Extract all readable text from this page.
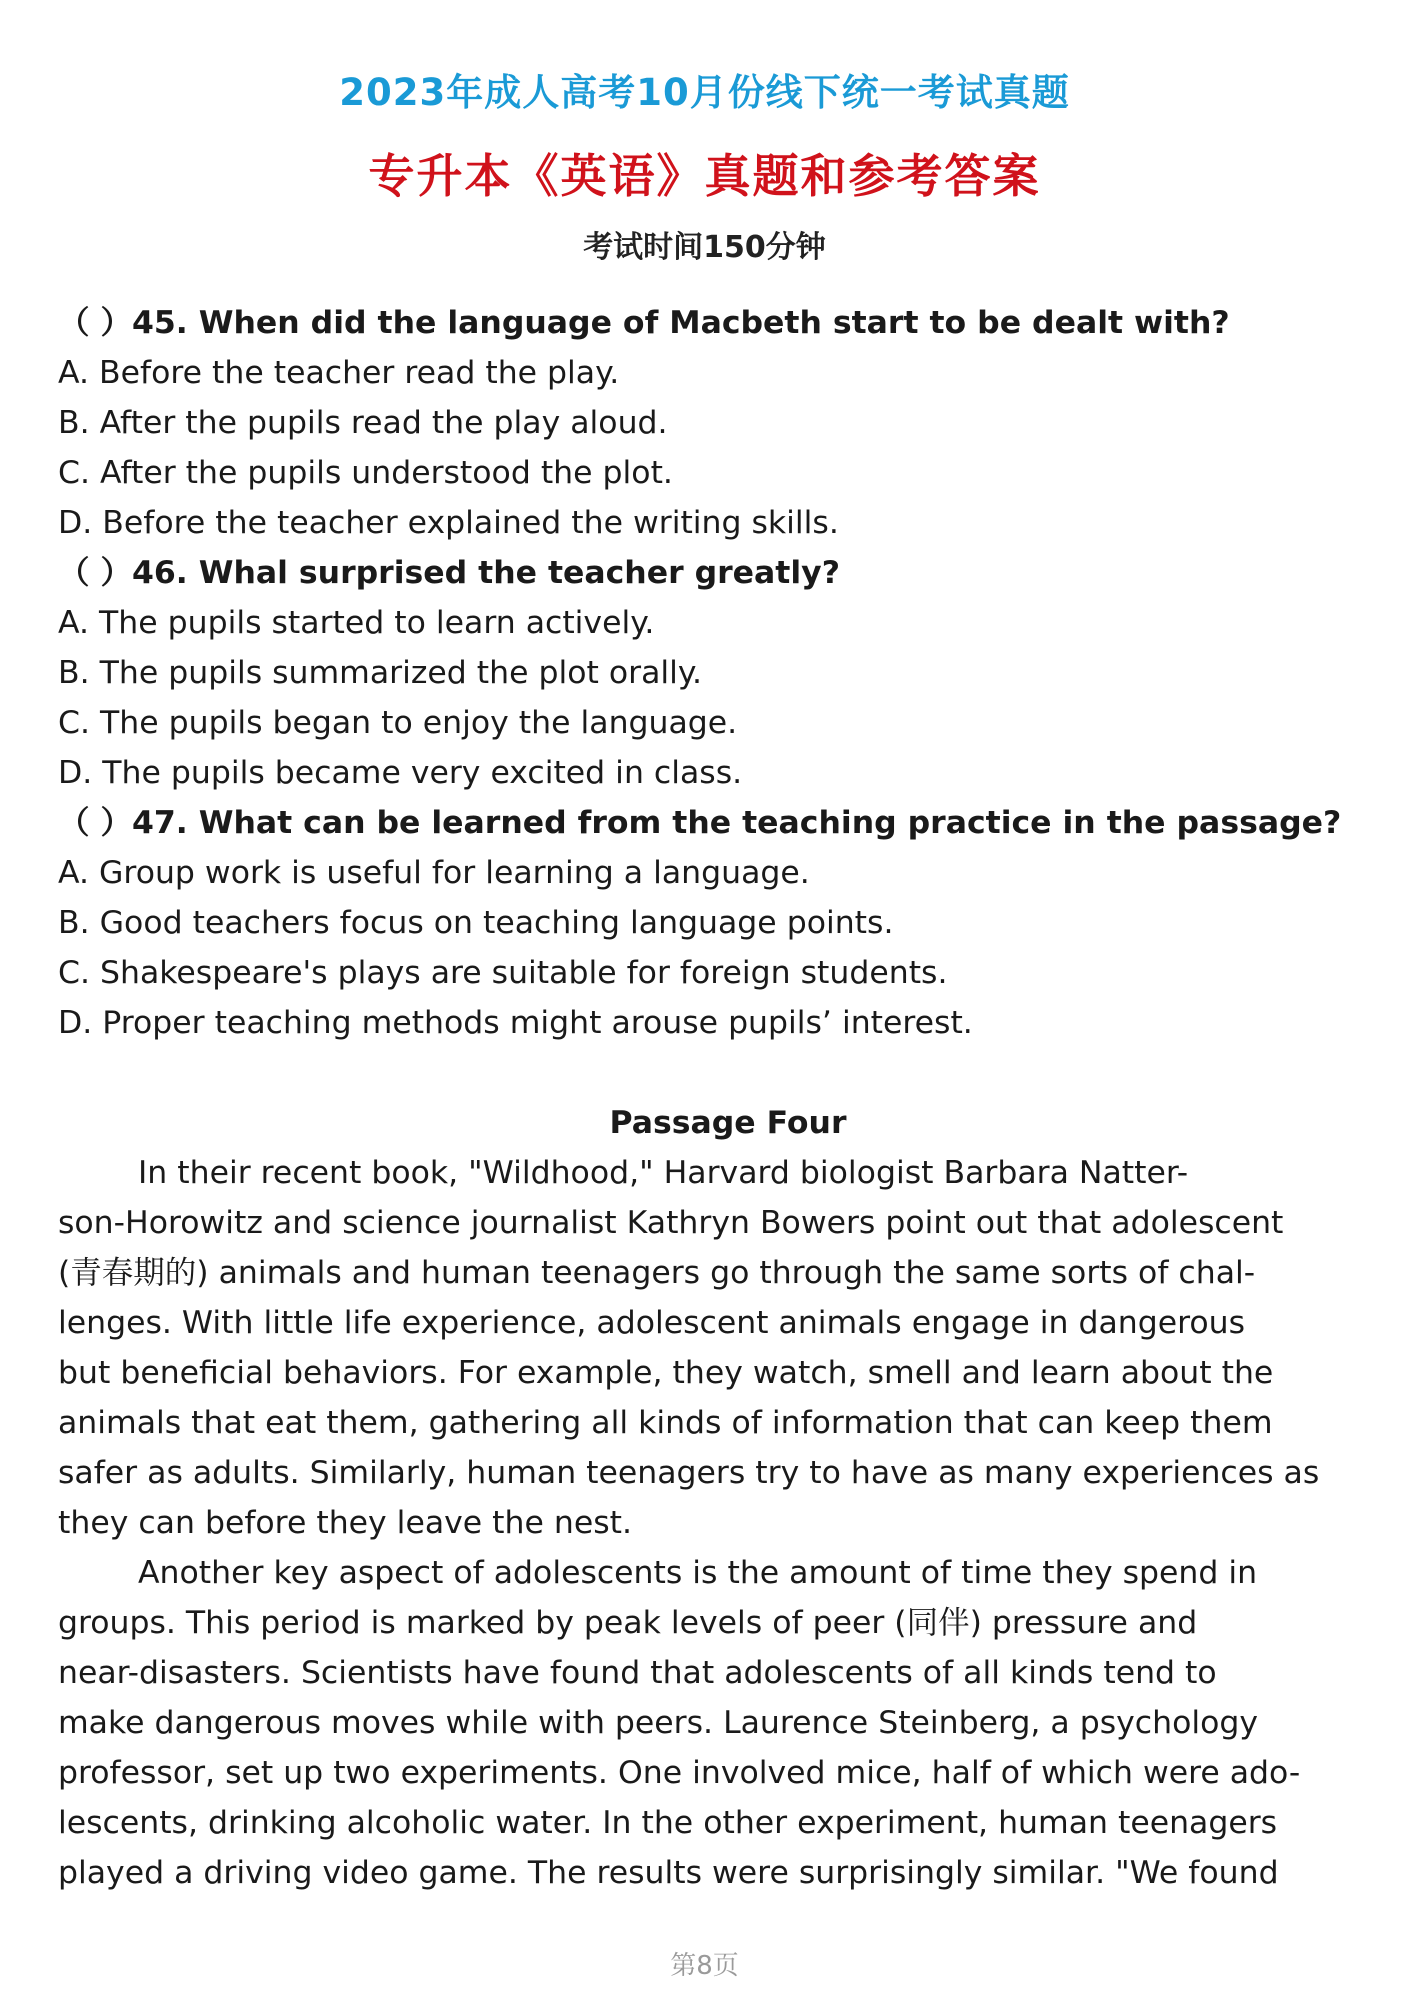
2023年成人高考10月份线下统一考试真题
专升本《英语》真题和参考答案
考试时间150分钟
（ ）45. When did the language of Macbeth start to be dealt with?
A. Before the teacher read the play.
B. After the pupils read the play aloud.
C. After the pupils understood the plot.
D. Before the teacher explained the writing skills.
（ ）46. Whal surprised the teacher greatly?
A. The pupils started to learn actively.
B. The pupils summarized the plot orally.
C. The pupils began to enjoy the language.
D. The pupils became very excited in class.
（ ）47. What can be learned from the teaching practice in the passage?
A. Group work is useful for learning a language.
B. Good teachers focus on teaching language points.
C. Shakespeare's plays are suitable for foreign students.
D. Proper teaching methods might arouse pupils’ interest.
Passage Four
In their recent book, "Wildhood," Harvard biologist Barbara Natter-
son-Horowitz and science journalist Kathryn Bowers point out that adolescent
(青春期的) animals and human teenagers go through the same sorts of chal-
lenges. With little life experience, adolescent animals engage in dangerous
but beneficial behaviors. For example, they watch, smell and learn about the
animals that eat them, gathering all kinds of information that can keep them
safer as adults. Similarly, human teenagers try to have as many experiences as
they can before they leave the nest.
Another key aspect of adolescents is the amount of time they spend in
groups. This period is marked by peak levels of peer (同伴) pressure and
near-disasters. Scientists have found that adolescents of all kinds tend to
make dangerous moves while with peers. Laurence Steinberg, a psychology
professor, set up two experiments. One involved mice, half of which were ado-
lescents, drinking alcoholic water. In the other experiment, human teenagers
played a driving video game. The results were surprisingly similar. "We found
第8页
